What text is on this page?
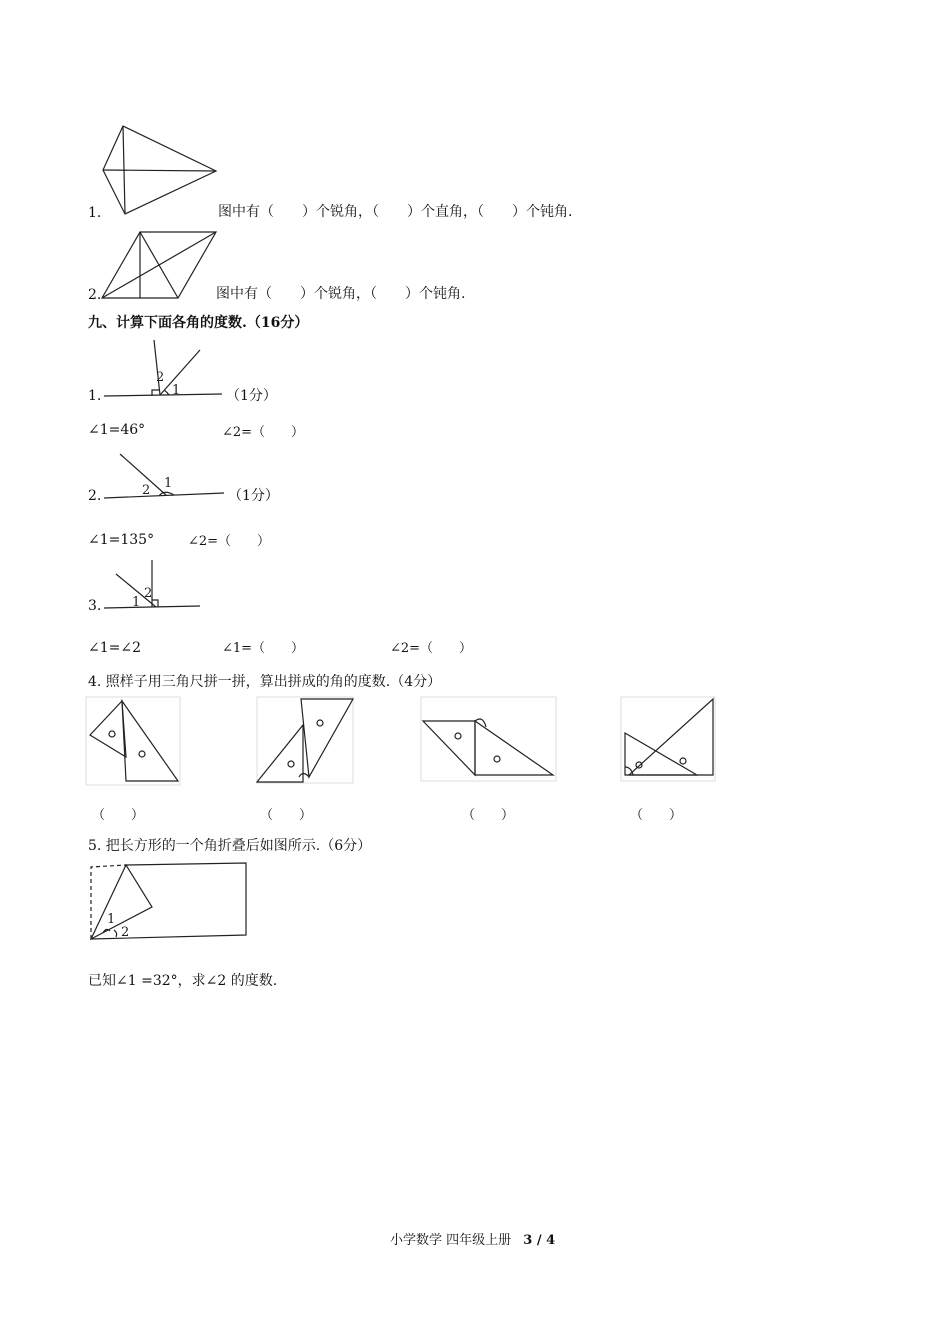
1.	图中有（　　）个锐角，（　　）个直角，（　　）个钝角.
2.	图中有（　　）个锐角，（　　）个钝角.
九、计算下面各角的度数.（16分）
1.
2
1	（1分）
∠1=46°	∠2=（　　）
2.	2 1
（1分）
∠1=135°	∠2=（　　）
3. 1
2
∠1=∠2	∠1=（　　）	∠2=（　　）
4. 照样子用三角尺拼一拼，算出拼成的角的度数.（4分）
（　　）	（　　）	（　　）	（　　）
5. 把长方形的一个角折叠后如图所示.（6分）
1
2
已知∠1 =32°，求∠2 的度数.
小学数学 四年级上册 3 / 4
